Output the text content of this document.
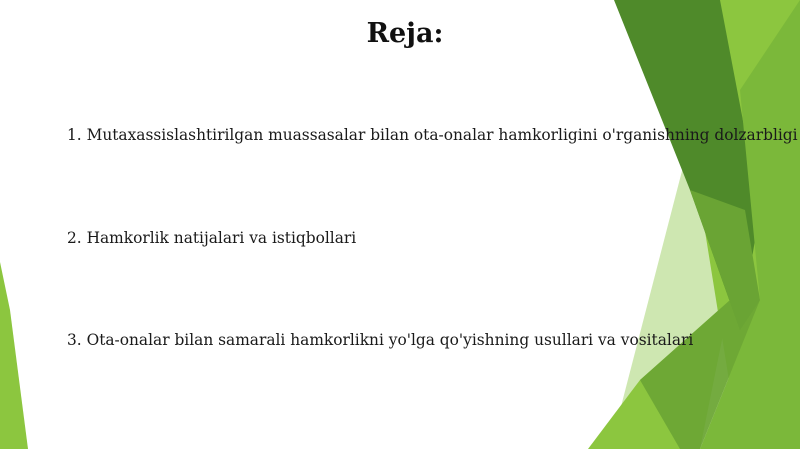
Reja:
1. Mutaxassislashtirilgan muassasalar bilan ota-onalar hamkorligini o'rganishning dolzarbligi
2. Hamkorlik natijalari va istiqbollari
3. Ota-onalar bilan samarali hamkorlikni yo'lga qo'yishning usullari va vositalari
